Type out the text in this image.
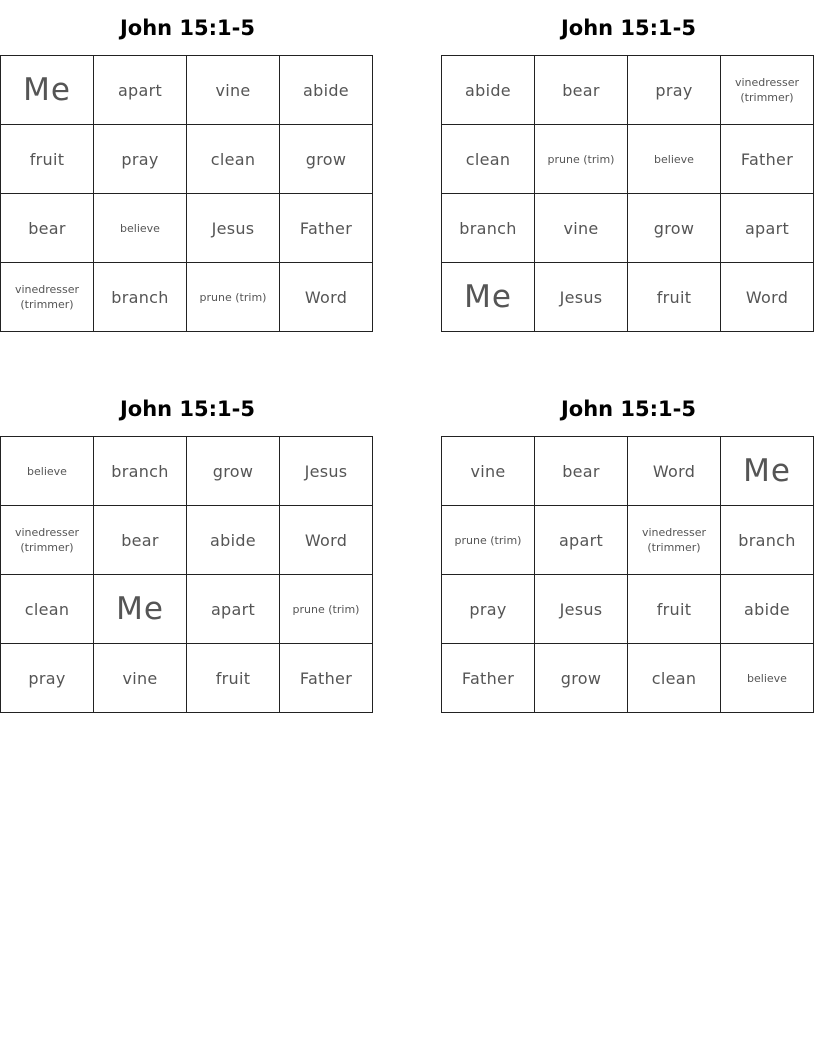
John 15:1-5
Me	apart	vine	abide
fruit	pray	clean	grow
bear	believe	Jesus	Father
vinedresser
(trimmer)	branch	prune (trim)	Word
John 15:1-5
abide	bear	pray	vinedresser
(trimmer)
clean	prune (trim)	believe	Father
branch	vine	grow	apart
Me	Jesus	fruit	Word
John 15:1-5
believe	branch	grow	Jesus
vinedresser
(trimmer)	bear	abide	Word
clean	Me	apart	prune (trim)
pray	vine	fruit	Father
John 15:1-5
vine	bear	Word	Me
prune (trim)	apart	vinedresser
(trimmer)	branch
pray	Jesus	fruit	abide
Father	grow	clean	believe
